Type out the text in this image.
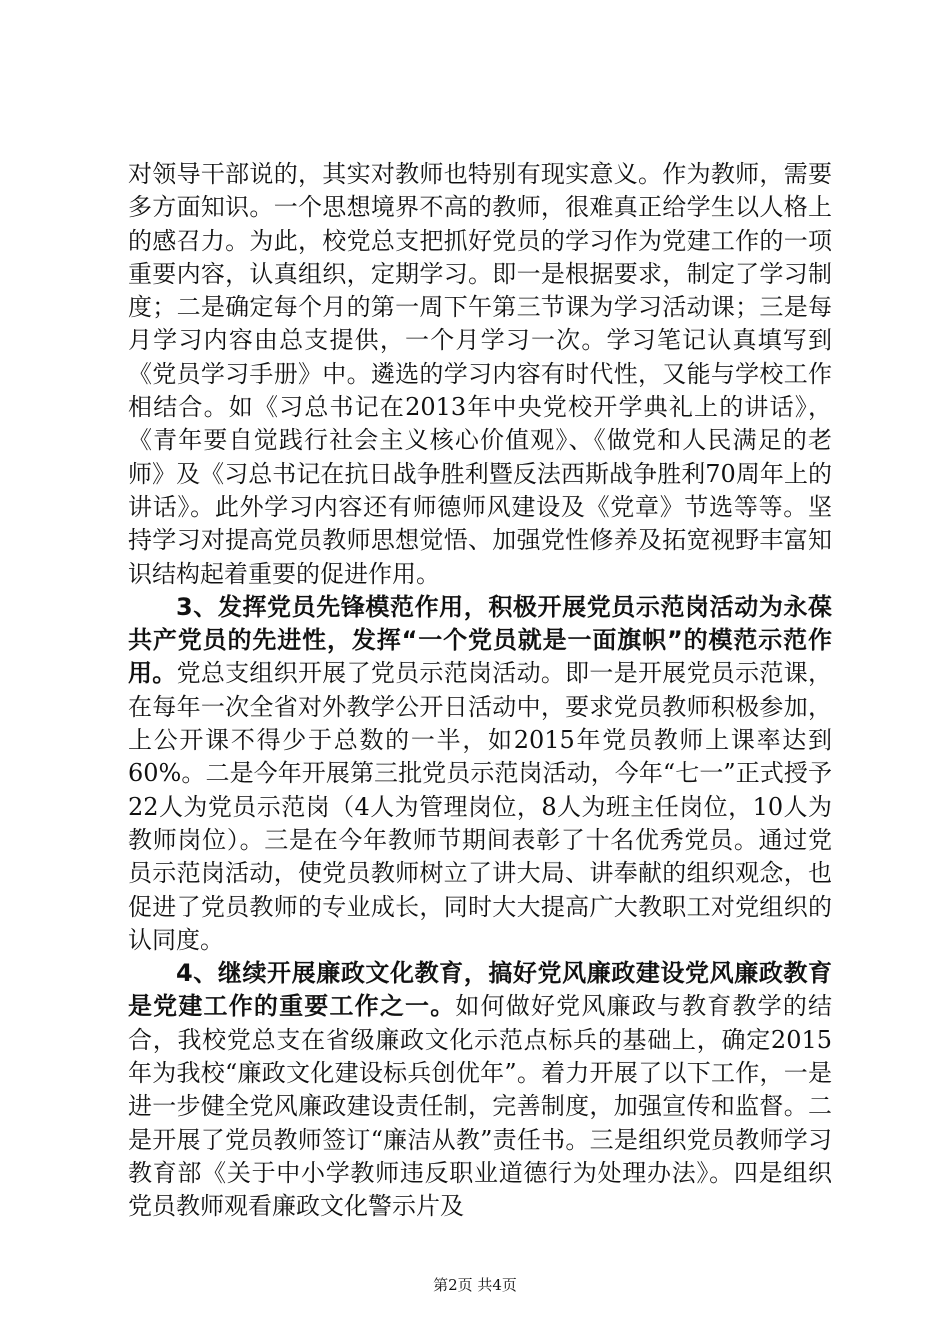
对领导干部说的，其实对教师也特别有现实意义。作为教师，需要多方面知识。一个思想境界不高的教师，很难真正给学生以人格上的感召力。为此，校党总支把抓好党员的学习作为党建工作的一项重要内容，认真组织，定期学习。即一是根据要求，制定了学习制度；二是确定每个月的第一周下午第三节课为学习活动课；三是每月学习内容由总支提供，一个月学习一次。学习笔记认真填写到《党员学习手册》中。遴选的学习内容有时代性，又能与学校工作相结合。如《习总书记在2013年中央党校开学典礼上的讲话》，《青年要自觉践行社会主义核心价值观》、《做党和人民满足的老师》及《习总书记在抗日战争胜利暨反法西斯战争胜利70周年上的讲话》。此外学习内容还有师德师风建设及《党章》节选等等。坚持学习对提高党员教师思想觉悟、加强党性修养及拓宽视野丰富知识结构起着重要的促进作用。

3、发挥党员先锋模范作用，积极开展党员示范岗活动为永葆共产党员的先进性，发挥“一个党员就是一面旗帜”的模范示范作用。党总支组织开展了党员示范岗活动。即一是开展党员示范课，在每年一次全省对外教学公开日活动中，要求党员教师积极参加，上公开课不得少于总数的一半，如2015年党员教师上课率达到60%。二是今年开展第三批党员示范岗活动，今年“七一”正式授予22人为党员示范岗（4人为管理岗位，8人为班主任岗位，10人为教师岗位）。三是在今年教师节期间表彰了十名优秀党员。通过党员示范岗活动，使党员教师树立了讲大局、讲奉献的组织观念，也促进了党员教师的专业成长，同时大大提高广大教职工对党组织的认同度。

4、继续开展廉政文化教育，搞好党风廉政建设党风廉政教育是党建工作的重要工作之一。如何做好党风廉政与教育教学的结合，我校党总支在省级廉政文化示范点标兵的基础上，确定2015年为我校“廉政文化建设标兵创优年”。着力开展了以下工作，一是进一步健全党风廉政建设责任制，完善制度，加强宣传和监督。二是开展了党员教师签订“廉洁从教”责任书。三是组织党员教师学习教育部《关于中小学教师违反职业道德行为处理办法》。四是组织党员教师观看廉政文化警示片及

第2页 共4页
